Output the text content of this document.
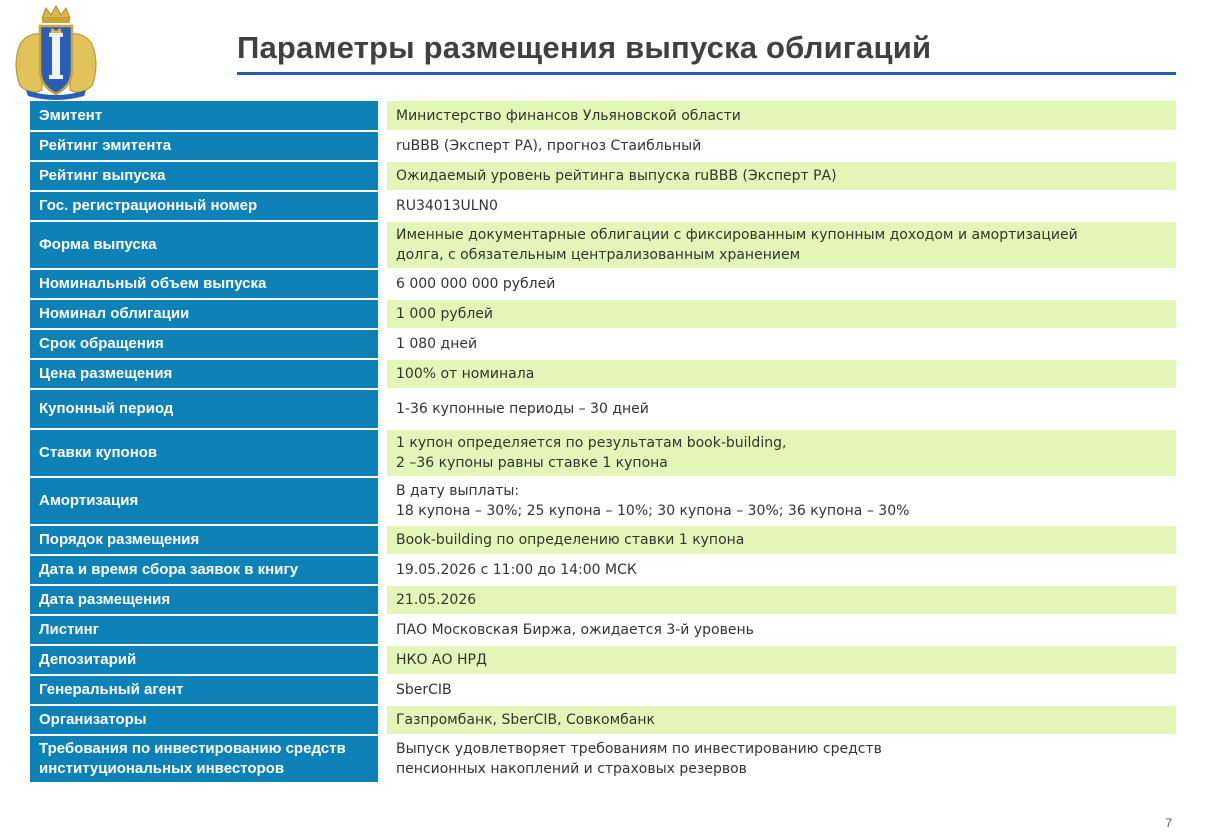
Параметры размещения выпуска облигаций
Эмитент	Министерство финансов Ульяновской области

Рейтинг эмитента	ruBBB (Эксперт РА), прогноз Стаибльный

Рейтинг выпуска	Ожидаемый уровень рейтинга выпуска ruBBB (Эксперт РА)

Гос. регистрационный номер	RU34013ULN0

Форма выпуска	Именные документарные облигации с фиксированным купонным доходом и амортизацией
долга, с обязательным централизованным хранением

Номинальный объем выпуска	6 000 000 000 рублей

Номинал облигации	1 000 рублей

Срок обращения	1 080 дней

Цена размещения	100% от номинала

Купонный период	1-36 купонные периоды – 30 дней

Ставки купонов	1 купон определяется по результатам book-building,
2 –36 купоны равны ставке 1 купона

Амортизация	В дату выплаты:
18 купона – 30%; 25 купона – 10%; 30 купона – 30%; 36 купона – 30%

Порядок размещения	Book-building по определению ставки 1 купона

Дата и время сбора заявок в книгу	19.05.2026 с 11:00 до 14:00 МСК

Дата размещения	21.05.2026

Листинг	ПАО Московская Биржа, ожидается 3-й уровень

Депозитарий	НКО АО НРД

Генеральный агент	SberCIB

Организаторы	Газпромбанк, SberCIB, Совкомбанк

Требования по инвестированию средств институциональных инвесторов	Выпуск удовлетворяет требованиям по инвестированию средств
пенсионных накоплений и страховых резервов
7
